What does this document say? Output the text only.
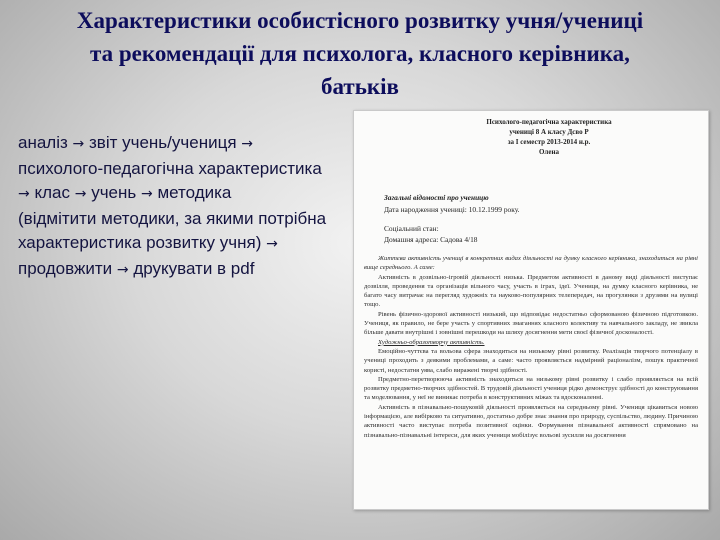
Характеристики особистісного розвитку учня/учениці
та рекомендації для психолога, класного керівника,
батьків
аналіз → звіт учень/учениця →
психолого-педагогічна характеристика
→ клас → учень → методика
(відмітити методики, за якими потрібна
характеристика розвитку учня) →
продовжити → друкувати в pdf
Психолого-педагогічна характеристика
учениці 8 А класу Дсво Р
за І семестр 2013-2014 н.р.
Олена
Загальні відомості про ученицю
Дата народження учениці: 10.12.1999 року.
Соціальний стан:
Домашня адреса: Садова 4/18

Життєва активність учениці в конкретних видах діяльності на думку класного керівника, знаходиться на рівні вище середнього. А саме:

Активність в дозвільно-ігровій діяльності низька. Предметом активності в даному виді діяльності виступає дозвілля, проведення та організація вільного часу, участь в іграх, ідеї. Учениця, на думку класного керівника, не багато часу витрачає на перегляд художніх та науково-популярних телепередач, на прогулянки з друзями на вулиці тощо.

Рівень фізично-здорової активності низький, що відповідає недостатньо сформованою фізичною підготовкою. Учениця, як правило, не бере участь у спортивних змаганнях класного колективу та навчального закладу, не звикла більше давати внутрішні і зовнішні перешкоди на шляху досягнення мети своєї фізичної досконалості.

Художньо-образотворчу активність.

Емоційно-чуттєва та вольова сфера знаходиться на низькому рівні розвитку. Реалізація творчого потенціалу в учениці проходить з деякими проблемами, а саме: часто проявляється надмірний раціоналізм, пошук практичної користі, недостатня уява, слабо виражені творчі здібності.

Предметно-перетворююча активність знаходиться на низькому рівні розвитку і слабо проявляється на всій розвитку предметно-творчих здібностей. В трудовій діяльності учениця рідко демонструє здібності до конструювання та моделювання, у неї не виникає потреба в конструктивних міжах та вдосконаленні.

Активність в пізнавально-пошуковій діяльності проявляється на середньому рівні. Учениця цікавиться новою інформацією, але вибірково та ситуативно, достатньо добре знає знання про природу, суспільство, людину. Причиною активності часто виступає потреба позитивної оцінки. Формування пізнавальної активності спрямовано на пізнавально-пізнавальні інтереси, для яких учениця мобілізує вольові зусилля на досягнення
